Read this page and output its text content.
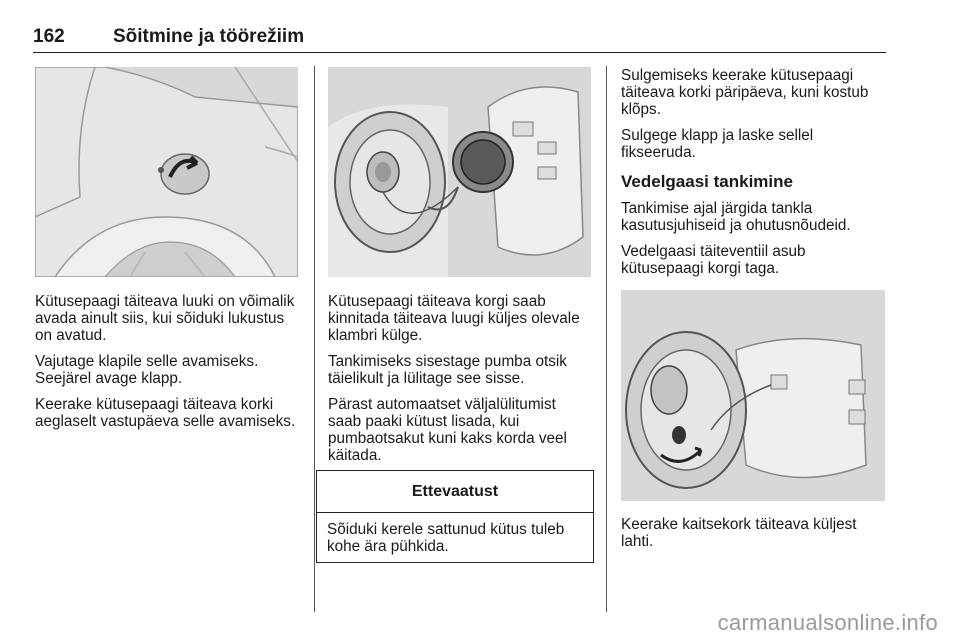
162	Sõitmine ja töörežiim

Kütusepaagi täiteava luuki on võimalik avada ainult siis, kui sõiduki lukustus on avatud.

Vajutage klapile selle avamiseks. Seejärel avage klapp.

Keerake kütusepaagi täiteava korki aeglaselt vastupäeva selle avamiseks.

Kütusepaagi täiteava korgi saab kinnitada täiteava luugi küljes olevale klambri külge.

Tankimiseks sisestage pumba otsik täielikult ja lülitage see sisse.

Pärast automaatset väljalülitumist saab paaki kütust lisada, kui pumbaotsakut kuni kaks korda veel käitada.

Ettevaatust
Sõiduki kerele sattunud kütus tuleb kohe ära pühkida.

Sulgemiseks keerake kütusepaagi täiteava korki päripäeva, kuni kostub klõps.

Sulgege klapp ja laske sellel fikseeruda.

Vedelgaasi tankimine

Tankimise ajal järgida tankla kasutusjuhiseid ja ohutusnõudeid.

Vedelgaasi täiteventiil asub kütusepaagi korgi taga.

Keerake kaitsekork täiteava küljest lahti.

carmanualsonline.info
